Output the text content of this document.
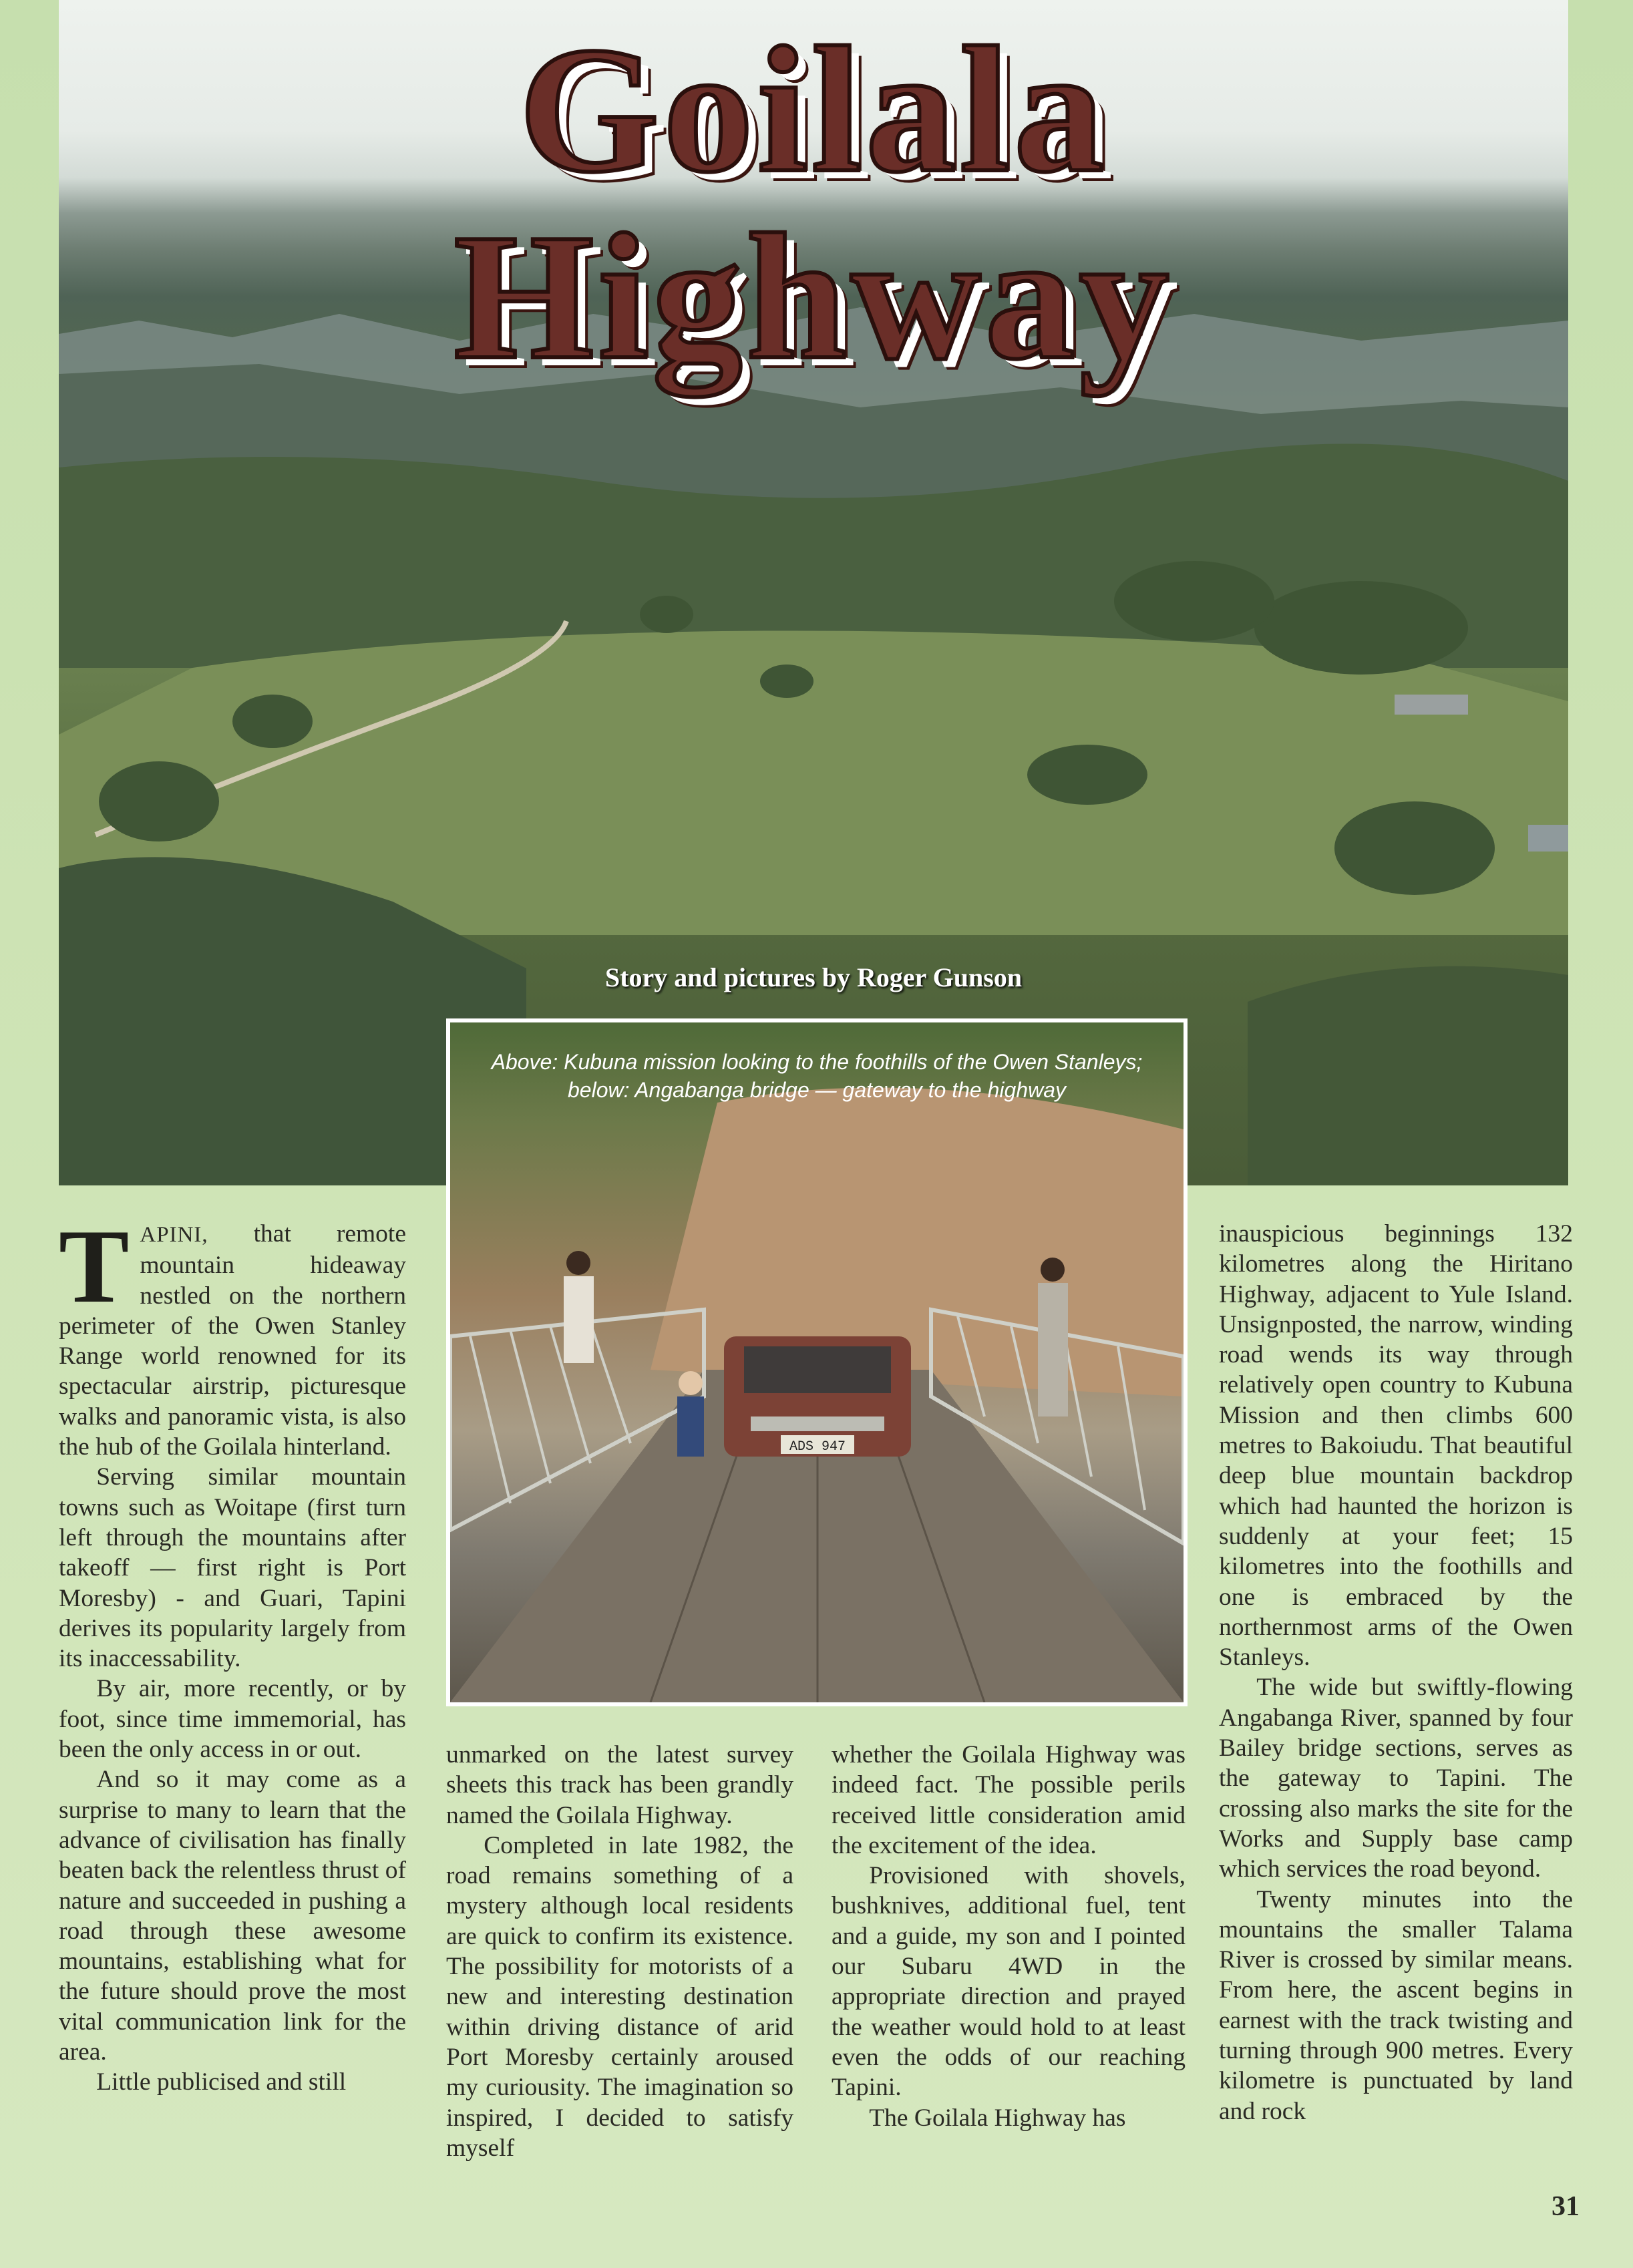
Goilala
Highway
Story and pictures by Roger Gunson
ADS 947
Above: Kubuna mission looking to the foothills of the Owen Stanleys;
below: Angabanga bridge — gateway to the highway

TAPINI, that remote mountain hideaway nestled on the northern perimeter of the Owen Stanley Range world renowned for its spectacular airstrip, picturesque walks and panoramic vista, is also the hub of the Goilala hinterland.

Serving similar mountain towns such as Woitape (first turn left through the mountains after takeoff — first right is Port Moresby) - and Guari, Tapini derives its popularity largely from its inaccessability.

By air, more recently, or by foot, since time immemorial, has been the only access in or out.

And so it may come as a surprise to many to learn that the advance of civilisation has finally beaten back the relentless thrust of nature and succeeded in pushing a road through these awesome mountains, establishing what for the future should prove the most vital communication link for the area.

Little publicised and still

unmarked on the latest survey sheets this track has been grandly named the Goilala Highway.

Completed in late 1982, the road remains something of a mystery although local residents are quick to confirm its existence. The possibility for motorists of a new and interesting destination within driving distance of arid Port Moresby certainly aroused my curiousity. The imagination so inspired, I decided to satisfy myself

whether the Goilala Highway was indeed fact. The possible perils received little consideration amid the excitement of the idea.

Provisioned with shovels, bushknives, additional fuel, tent and a guide, my son and I pointed our Subaru 4WD in the appropriate direction and prayed the weather would hold to at least even the odds of our reaching Tapini.

The Goilala Highway has

inauspicious beginnings 132 kilometres along the Hiritano Highway, adjacent to Yule Island. Unsignposted, the narrow, winding road wends its way through relatively open country to Kubuna Mission and then climbs 600 metres to Bakoiudu. That beautiful deep blue mountain backdrop which had haunted the horizon is suddenly at your feet; 15 kilometres into the foothills and one is embraced by the northernmost arms of the Owen Stanleys.

The wide but swiftly-flowing Angabanga River, spanned by four Bailey bridge sections, serves as the gateway to Tapini. The crossing also marks the site for the Works and Supply base camp which services the road beyond.

Twenty minutes into the mountains the smaller Talama River is crossed by similar means. From here, the ascent begins in earnest with the track twisting and turning through 900 metres. Every kilometre is punctuated by land and rock

31
